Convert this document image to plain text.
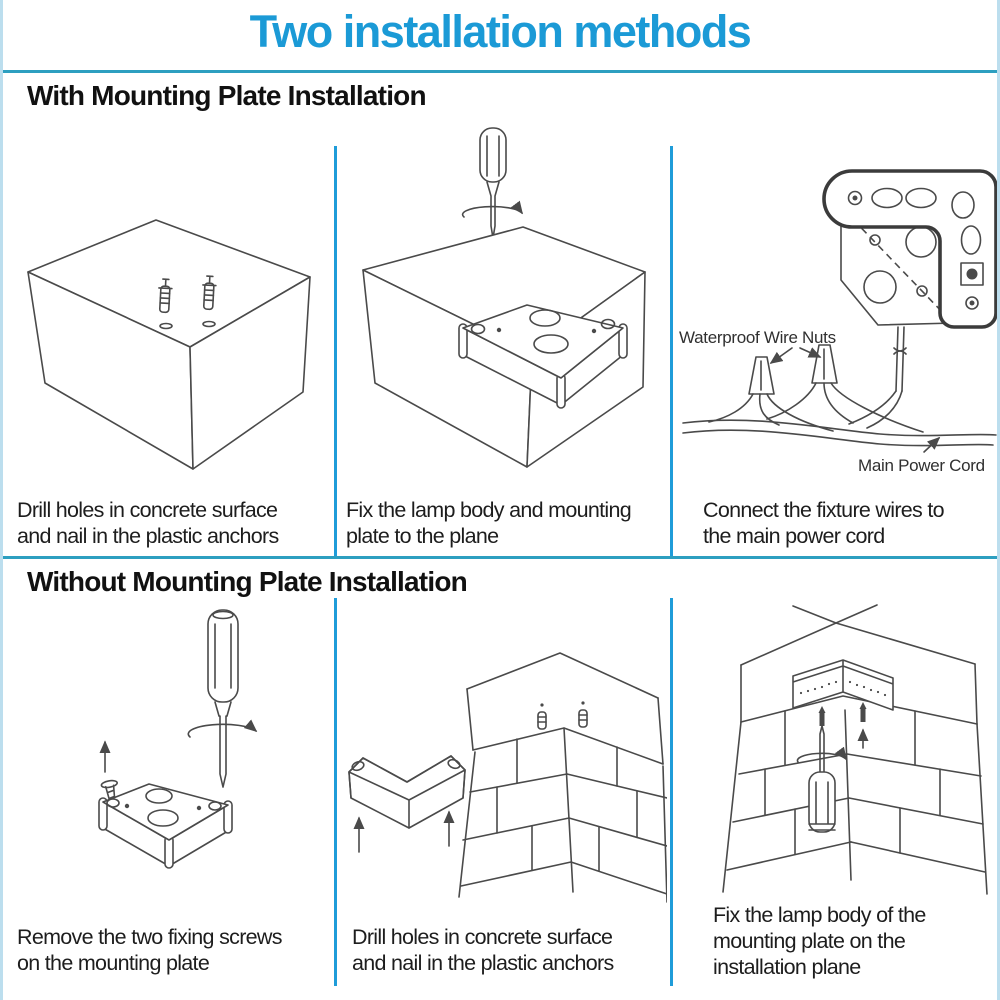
Two installation methods
With Mounting Plate Installation
Without Mounting Plate Installation
Waterproof Wire Nuts
Main Power Cord
Drill holes in concrete surface
and nail in the plastic anchors
Fix the lamp body and mounting
plate to the plane
Connect the fixture wires to
the main power cord
Remove the two fixing screws
on the mounting plate
Drill holes in concrete surface
and nail in the plastic anchors
Fix the lamp body of the
mounting plate on the
installation plane
